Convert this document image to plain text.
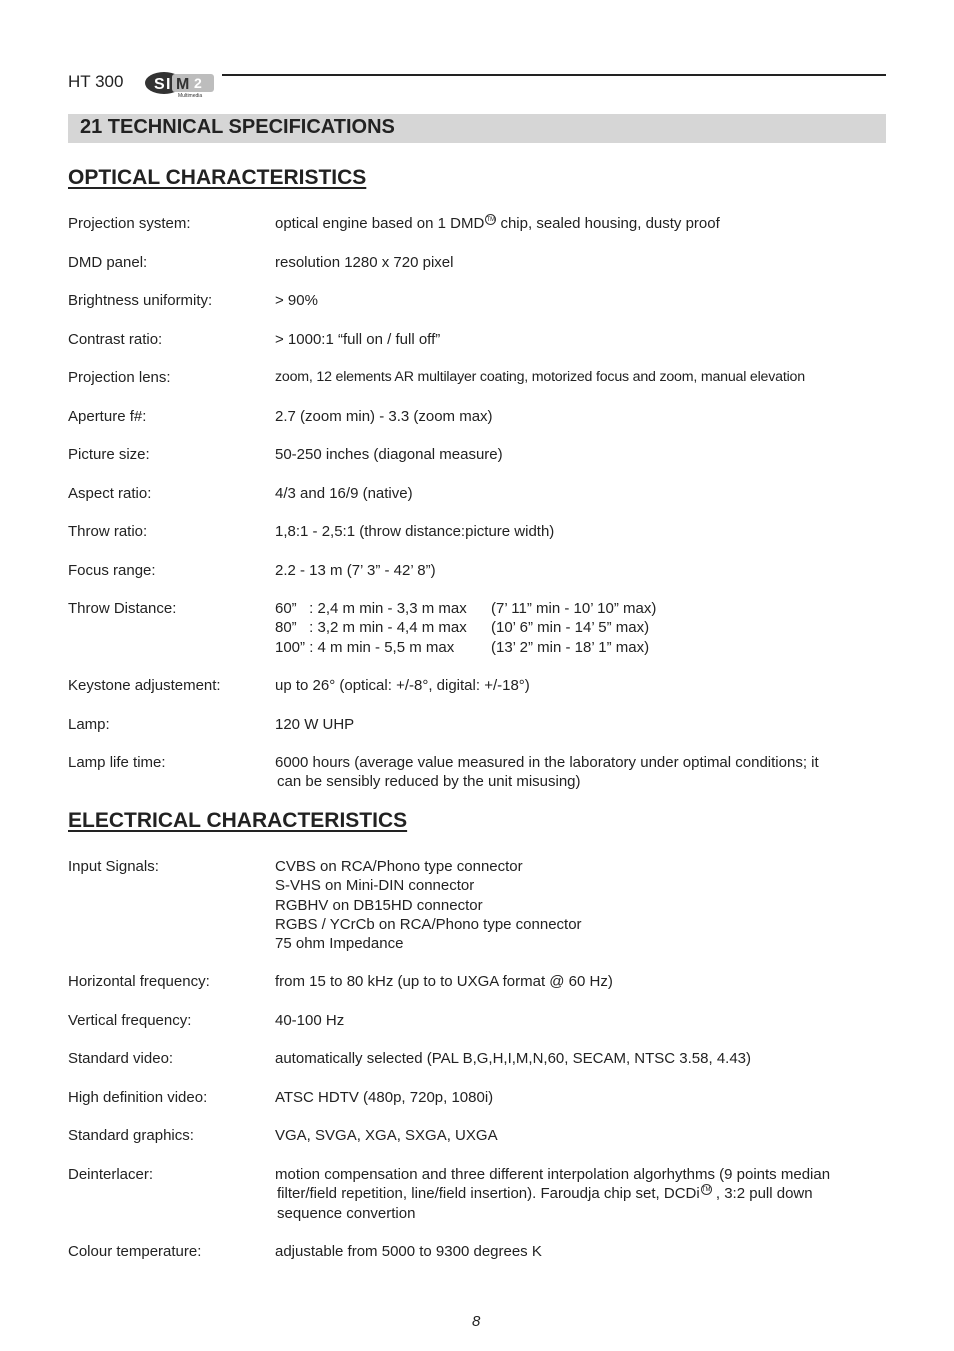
HT 300 S I M 2
Multimedia
21 TECHNICAL SPECIFICATIONS
OPTICAL CHARACTERISTICS
Projection system:	optical engine based on 1 DMD TM chip, sealed housing, dusty proof
DMD panel:	resolution 1280 x 720 pixel
Brightness uniformity:	> 90%
Contrast ratio:	> 1000:1 “full on / full off”
Projection lens:	zoom, 12 elements AR multilayer coating, motorized focus and zoom, manual elevation
Aperture f#:	2.7 (zoom min) - 3.3 (zoom max)
Picture size:	50-250 inches (diagonal measure)
Aspect ratio:	4/3 and 16/9 (native)
Throw ratio:	1,8:1 - 2,5:1 (throw distance:picture width)
Focus range:	2.2 - 13 m (7’ 3” - 42’ 8”)
Throw Distance:	60”   : 2,4 m min - 3,3 m max (7’ 11” min - 10’ 10” max)
80”   : 3,2 m min - 4,4 m max (10’ 6” min - 14’ 5” max)
100” : 4 m min - 5,5 m max (13’ 2” min - 18’ 1” max)
Keystone adjustement:	up to 26° (optical: +/-8°, digital: +/-18°)
Lamp:	120 W UHP
Lamp life time:	6000 hours (average value measured in the laboratory under optimal conditions; it
can be sensibly reduced by the unit misusing)
ELECTRICAL CHARACTERISTICS
Input Signals:	CVBS on RCA/Phono type connector
S-VHS on Mini-DIN connector
RGBHV on DB15HD connector
RGBS / YCrCb on RCA/Phono type connector
75 ohm Impedance
Horizontal frequency:	from 15 to 80 kHz (up to to UXGA format @ 60 Hz)
Vertical frequency:	40-100 Hz
Standard video:	automatically selected (PAL B,G,H,I,M,N,60, SECAM, NTSC 3.58, 4.43)
High definition video:	ATSC HDTV (480p, 720p, 1080i)
Standard graphics:	VGA, SVGA, XGA, SXGA, UXGA
Deinterlacer:	motion compensation and three different interpolation algorhythms (9 points median
filter/field repetition, line/field insertion). Faroudja chip set, DCDi TM , 3:2 pull down
sequence convertion
Colour temperature:	adjustable from 5000 to 9300 degrees K
8
